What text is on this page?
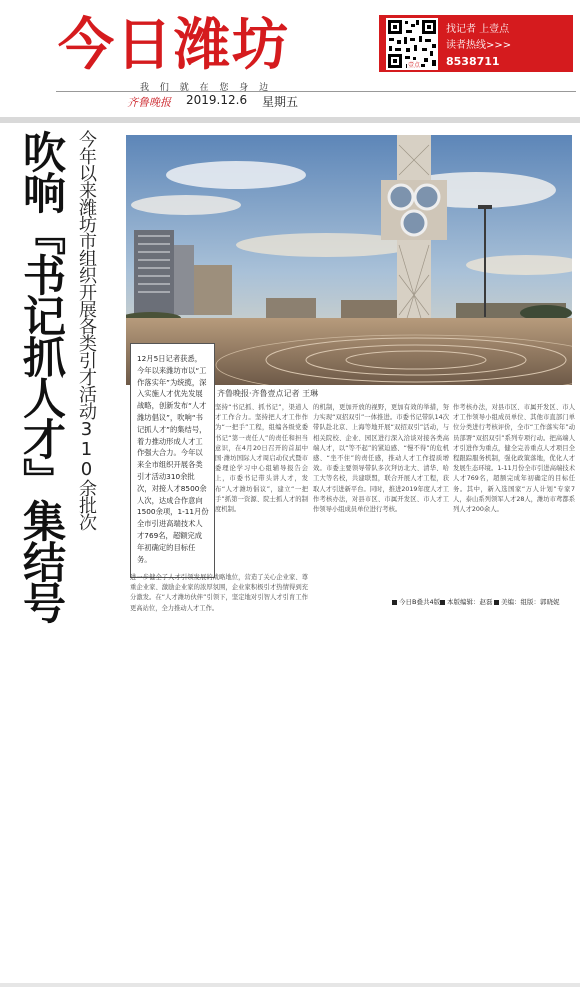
今日潍坊
我 们 就 在 您 身 边
齐鲁晚报 2019.12.6 星期五
壹点
找记者 上壹点
读者热线>>>
8538711
吹响『书记抓人才』集结号 今年以来潍坊市组织开展各类引才活动310余批次	齐鲁晚报·齐鲁壹点记者 王琳
12月5日记者获悉，今年以来潍坊市以“工作落实年”为统揽，深入实施人才优先发展战略，创新发布“人才潍坊倡议”，吹响“书记抓人才”的集结号，着力推动形成人才工作强大合力。今年以来全市组织开展各类引才活动310余批次，对接人才8500余人次，达成合作意向1500余项，1-11月份全市引进高端技术人才769名，超额完成年初确定的目标任务。
坚持“书记抓、抓书记”，渠道人才工作合力。坚持把人才工作作为“一把手”工程，组编各级党委书记“第一责任人”的责任和担当意识，在4月20日召开的首届中国·潍坊国际人才周启动仪式暨市委理论学习中心组辅导报告会上，市委书记带头讲人才，发布“人才潍坊倡议”，建立“一把手”抓第一资源、院士抓人才的制度机制。
进一步健全了人才引领发展的战略地位，营造了关心企业家、尊重企业家、激励企业家的浓厚氛围，企业家积极引才热情得到充分激发。在“人才潍坊伙伴”引领下，坚定地对引智人才引育工作更高站位，全力推动人才工作。
的机制，更加开放的视野，更加有效的举措，努力实现“双招双引”一体推进。市委书记带队14次带队赴北京、上海等地开展“双招双引”活动，与相关院校、企业、园区进行深入洽谈对接各类高端人才，以“等不起”的紧迫感、“慢不得”的危机感、“坐不住”的责任感，推动人才工作提质增效。市委主要领导带队多次拜访北大、清华、哈工大等名校，共建联盟，联合开展人才工程，获取人才引进新平台。同时，推进2019年度人才工作考核办法，对县市区、市属开发区、市人才工作领导小组成员单位进行考核。
作考核办法，对县市区、市属开发区、市人才工作领导小组成员单位、其他市直部门单位分类进行考核评价，全市“工作落实年”动员部署“双招双引”系列专项行动。把高端人才引进作为重点，健全完善重点人才项目全程跟踪服务机制，强化政策落地，优化人才发展生态环境。1-11月份全市引进高端技术人才769名，超额完成年初确定的目标任务。其中，新入选国家“万人计划”专家7人，泰山系列领军人才28人，潍坊市鸢都系列人才200余人。
今日B叠共4版	本版编辑：赵磊	美编：组版：郭晓妮
